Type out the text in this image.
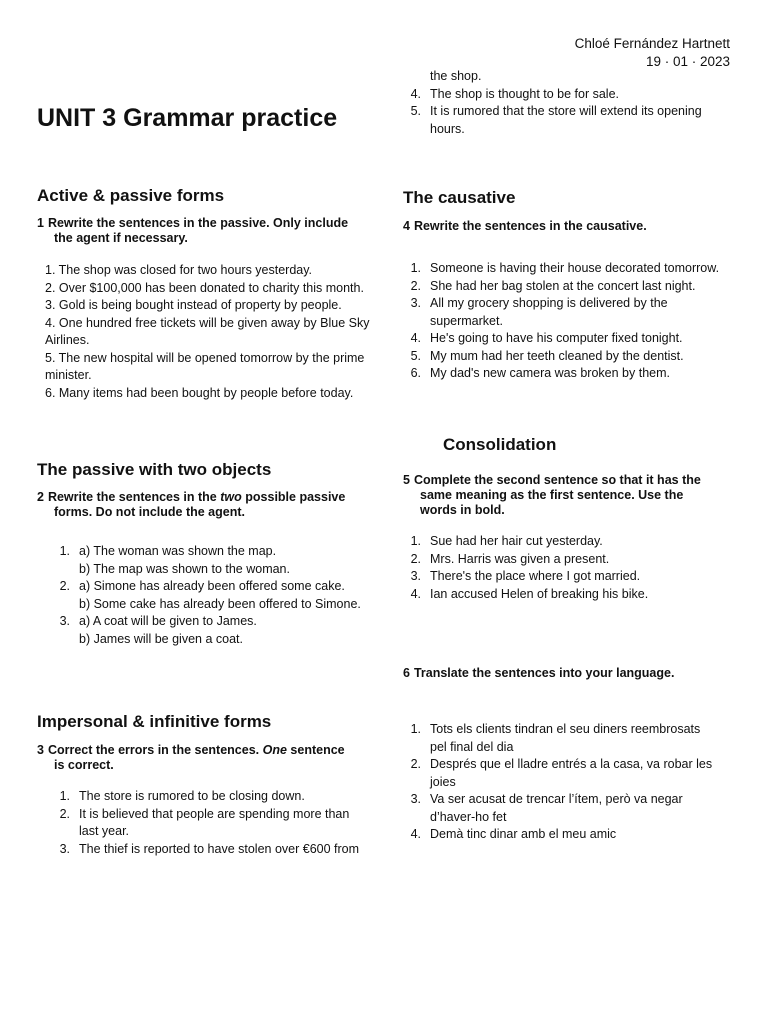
Chloé Fernández Hartnett
19 · 01 · 2023
UNIT 3 Grammar practice
the shop.
4. The shop is thought to be for sale.
5. It is rumored that the store will extend its opening
hours.
Active & passive forms

1 Rewrite the sentences in the passive. Only include
the agent if necessary.

1. The shop was closed for two hours yesterday.
2. Over $100,000 has been donated to charity this month.
3. Gold is being bought instead of property by people.
4. One hundred free tickets will be given away by Blue Sky
Airlines.
5. The new hospital will be opened tomorrow by the prime
minister.
6. Many items had been bought by people before today.
The passive with two objects

2 Rewrite the sentences in the two possible passive
forms. Do not include the agent.

1. a) The woman was shown the map.
b) The map was shown to the woman.
2. a) Simone has already been offered some cake.
b) Some cake has already been offered to Simone.
3. a) A coat will be given to James.
b) James will be given a coat.
Impersonal & infinitive forms

3 Correct the errors in the sentences. One sentence
is correct.

1. The store is rumored to be closing down.
2. It is believed that people are spending more than
last year.
3. The thief is reported to have stolen over €600 from
The causative

4 Rewrite the sentences in the causative.

1. Someone is having their house decorated tomorrow.
2. She had her bag stolen at the concert last night.
3. All my grocery shopping is delivered by the
supermarket.
4. He's going to have his computer fixed tonight.
5. My mum had her teeth cleaned by the dentist.
6. My dad's new camera was broken by them.
Consolidation

5 Complete the second sentence so that it has the
same meaning as the first sentence. Use the
words in bold.

1. Sue had her hair cut yesterday.
2. Mrs. Harris was given a present.
3. There's the place where I got married.
4. Ian accused Helen of breaking his bike.

6 Translate the sentences into your language.

1. Tots els clients tindran el seu diners reembrosats
pel final del dia
2. Després que el lladre entrés a la casa, va robar les
joies
3. Va ser acusat de trencar l’ítem, però va negar
d’haver-ho fet
4. Demà tinc dinar amb el meu amic
